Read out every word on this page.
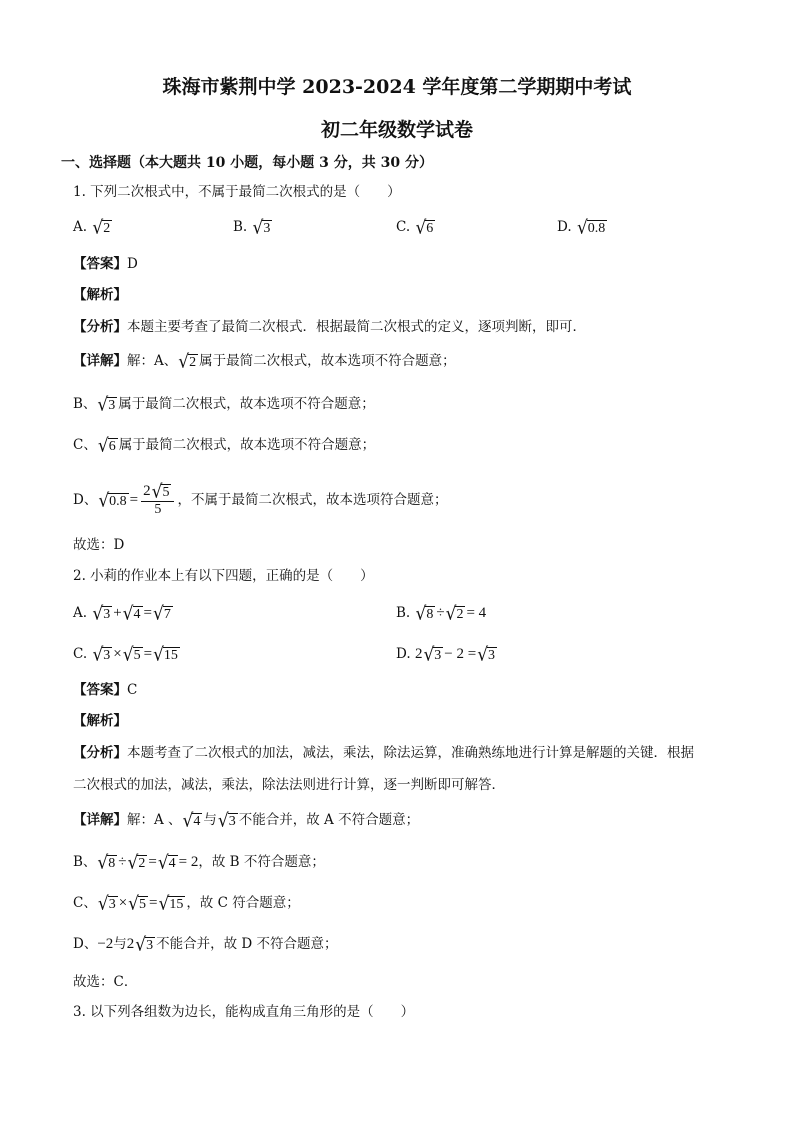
珠海市紫荆中学 2023-2024 学年度第二学期期中考试
初二年级数学试卷
一、选择题（本大题共 10 小题，每小题 3 分，共 30 分）
1. 下列二次根式中，不属于最简二次根式的是（　　）
A. √ 2	B. √ 3	C. √ 6	D. √ 0.8
【答案】D
【解析】
【分析】本题主要考查了最简二次根式．根据最简二次根式的定义，逐项判断，即可．
【详解】解：A、 √ 2 属于最简二次根式，故本选项不符合题意；
B、 √ 3 属于最简二次根式，故本选项不符合题意；
C、 √ 6 属于最简二次根式，故本选项不符合题意；
D、 √ $0.8 = \frac{2 √ 5}{5}$ ，不属于最简二次根式，故本选项符合题意；
故选：D
2. 小莉的作业本上有以下四题，正确的是（　　）
A. √ 3 + √ 4 = √ 7	B. √ 8 ÷ √ 2 = 4
C. √ 3 × √ 5 = √ 15	D. 2 √ 3 − 2 = √ 3
【答案】C
【解析】
【分析】本题考查了二次根式的加法，减法，乘法，除法运算，准确熟练地进行计算是解题的关键．根据
二次根式的加法，减法，乘法，除法法则进行计算，逐一判断即可解答．
【详解】解：A 、 √ 4 与 √ 3 不能合并，故 A 不符合题意；
B、 √ 8 ÷ √ 2 = √ 4 = 2，故 B 不符合题意；
C、 √ 3 × √ 5 = √ 15 ，故 C 符合题意；
D、−2与2 √ 3 不能合并，故 D 不符合题意；
故选：C．
3. 以下列各组数为边长，能构成直角三角形的是（　　）
